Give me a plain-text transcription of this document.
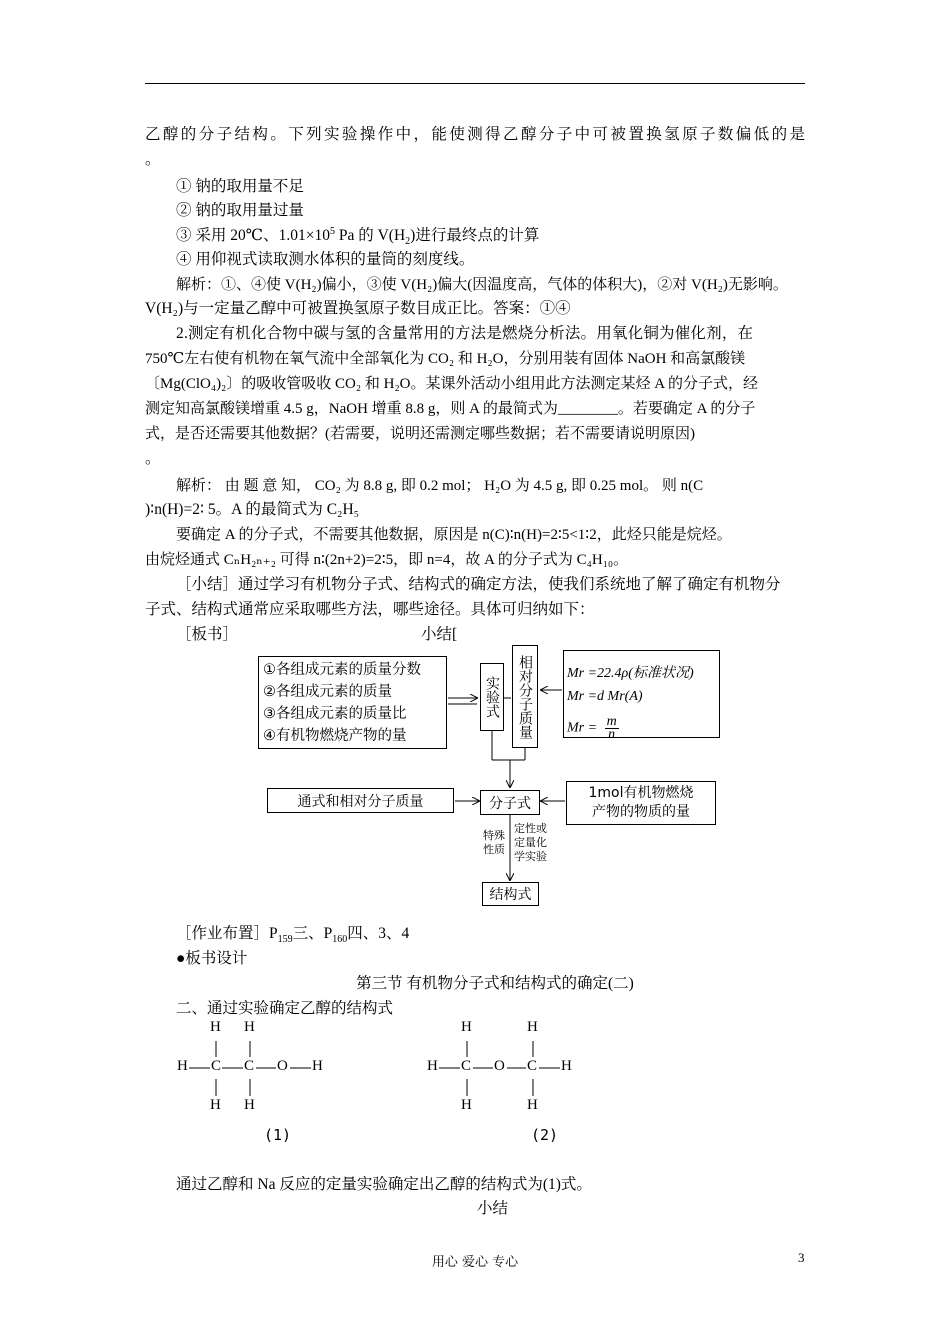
乙醇的分子结构。下列实验操作中，能使测得乙醇分子中可被置换氢原子数偏低的是
。
① 钠的取用量不足
② 钠的取用量过量
③ 采用 20℃、$1.01\times 10^5$ Pa 的 $V(H_2)$进行最终点的计算
④ 用仰视式读取测水体积的量筒的刻度线。
解析：①、④使 V(H₂)偏小，③使 V(H₂)偏大(因温度高，气体的体积大)，②对 V(H₂)无影响。
V(H₂)与一定量乙醇中可被置换氢原子数目成正比。答案：①④
2.测定有机化合物中碳与氢的含量常用的方法是燃烧分析法。用氧化铜为催化剂，在
750℃左右使有机物在氧气流中全部氧化为 CO₂ 和 H₂O，分别用装有固体 NaOH 和高氯酸镁
〔Mg(ClO₄)₂〕的吸收管吸收 CO₂ 和 H₂O。某课外活动小组用此方法测定某烃 A 的分子式，经
测定知高氯酸镁增重 4.5 g，NaOH 增重 8.8 g，则 A 的最简式为________。若要确定 A 的分子
式，是否还需要其他数据？(若需要，说明还需测定哪些数据；若不需要请说明原因)
。
解析： 由 题 意 知， CO₂ 为 8.8 g, 即 0.2 mol； H₂O 为 4.5 g, 即 0.25 mol。 则 n(C
)∶n(H)=2∶ 5。A 的最简式为 C₂H₅
要确定 A 的分子式，不需要其他数据，原因是 n(C)∶n(H)=2∶5<1∶2，此烃只能是烷烃。
由烷烃通式 CₙH₂ₙ₊₂ 可得 n∶(2n+2)=2∶5，即 n=4，故 A 的分子式为 C₄H₁₀。
［小结］通过学习有机物分子式、结构式的确定方法，使我们系统地了解了确定有机物分
子式、结构式通常应采取哪些方法，哪些途径。具体可归纳如下：
［板书］	小结[
①各组成元素的质量分数
②各组成元素的质量
③各组成元素的质量比
④有机物燃烧产物的量
实验式	相对分子质量	Mr =22.4ρ(标准状况)
Mr =d Mr(A)
$Mr = \frac{m}{n}$
通式和相对分子质量	分子式
1mol有机物燃烧产物的物质的量
特殊性质
定性或定量化学实验
结构式
［作业布置$]P_{159}$三、$P_{160}$四、3、4
●板书设计
第三节 有机物分子式和结构式的确定(二)
二、通过实验确定乙醇的结构式
H H
H C C O H
H H
H	H
H C O C H
H	H
(1)	(2)
通过乙醇和 Na 反应的定量实验确定出乙醇的结构式为(1)式。
小结
用心 爱心 专心	3
